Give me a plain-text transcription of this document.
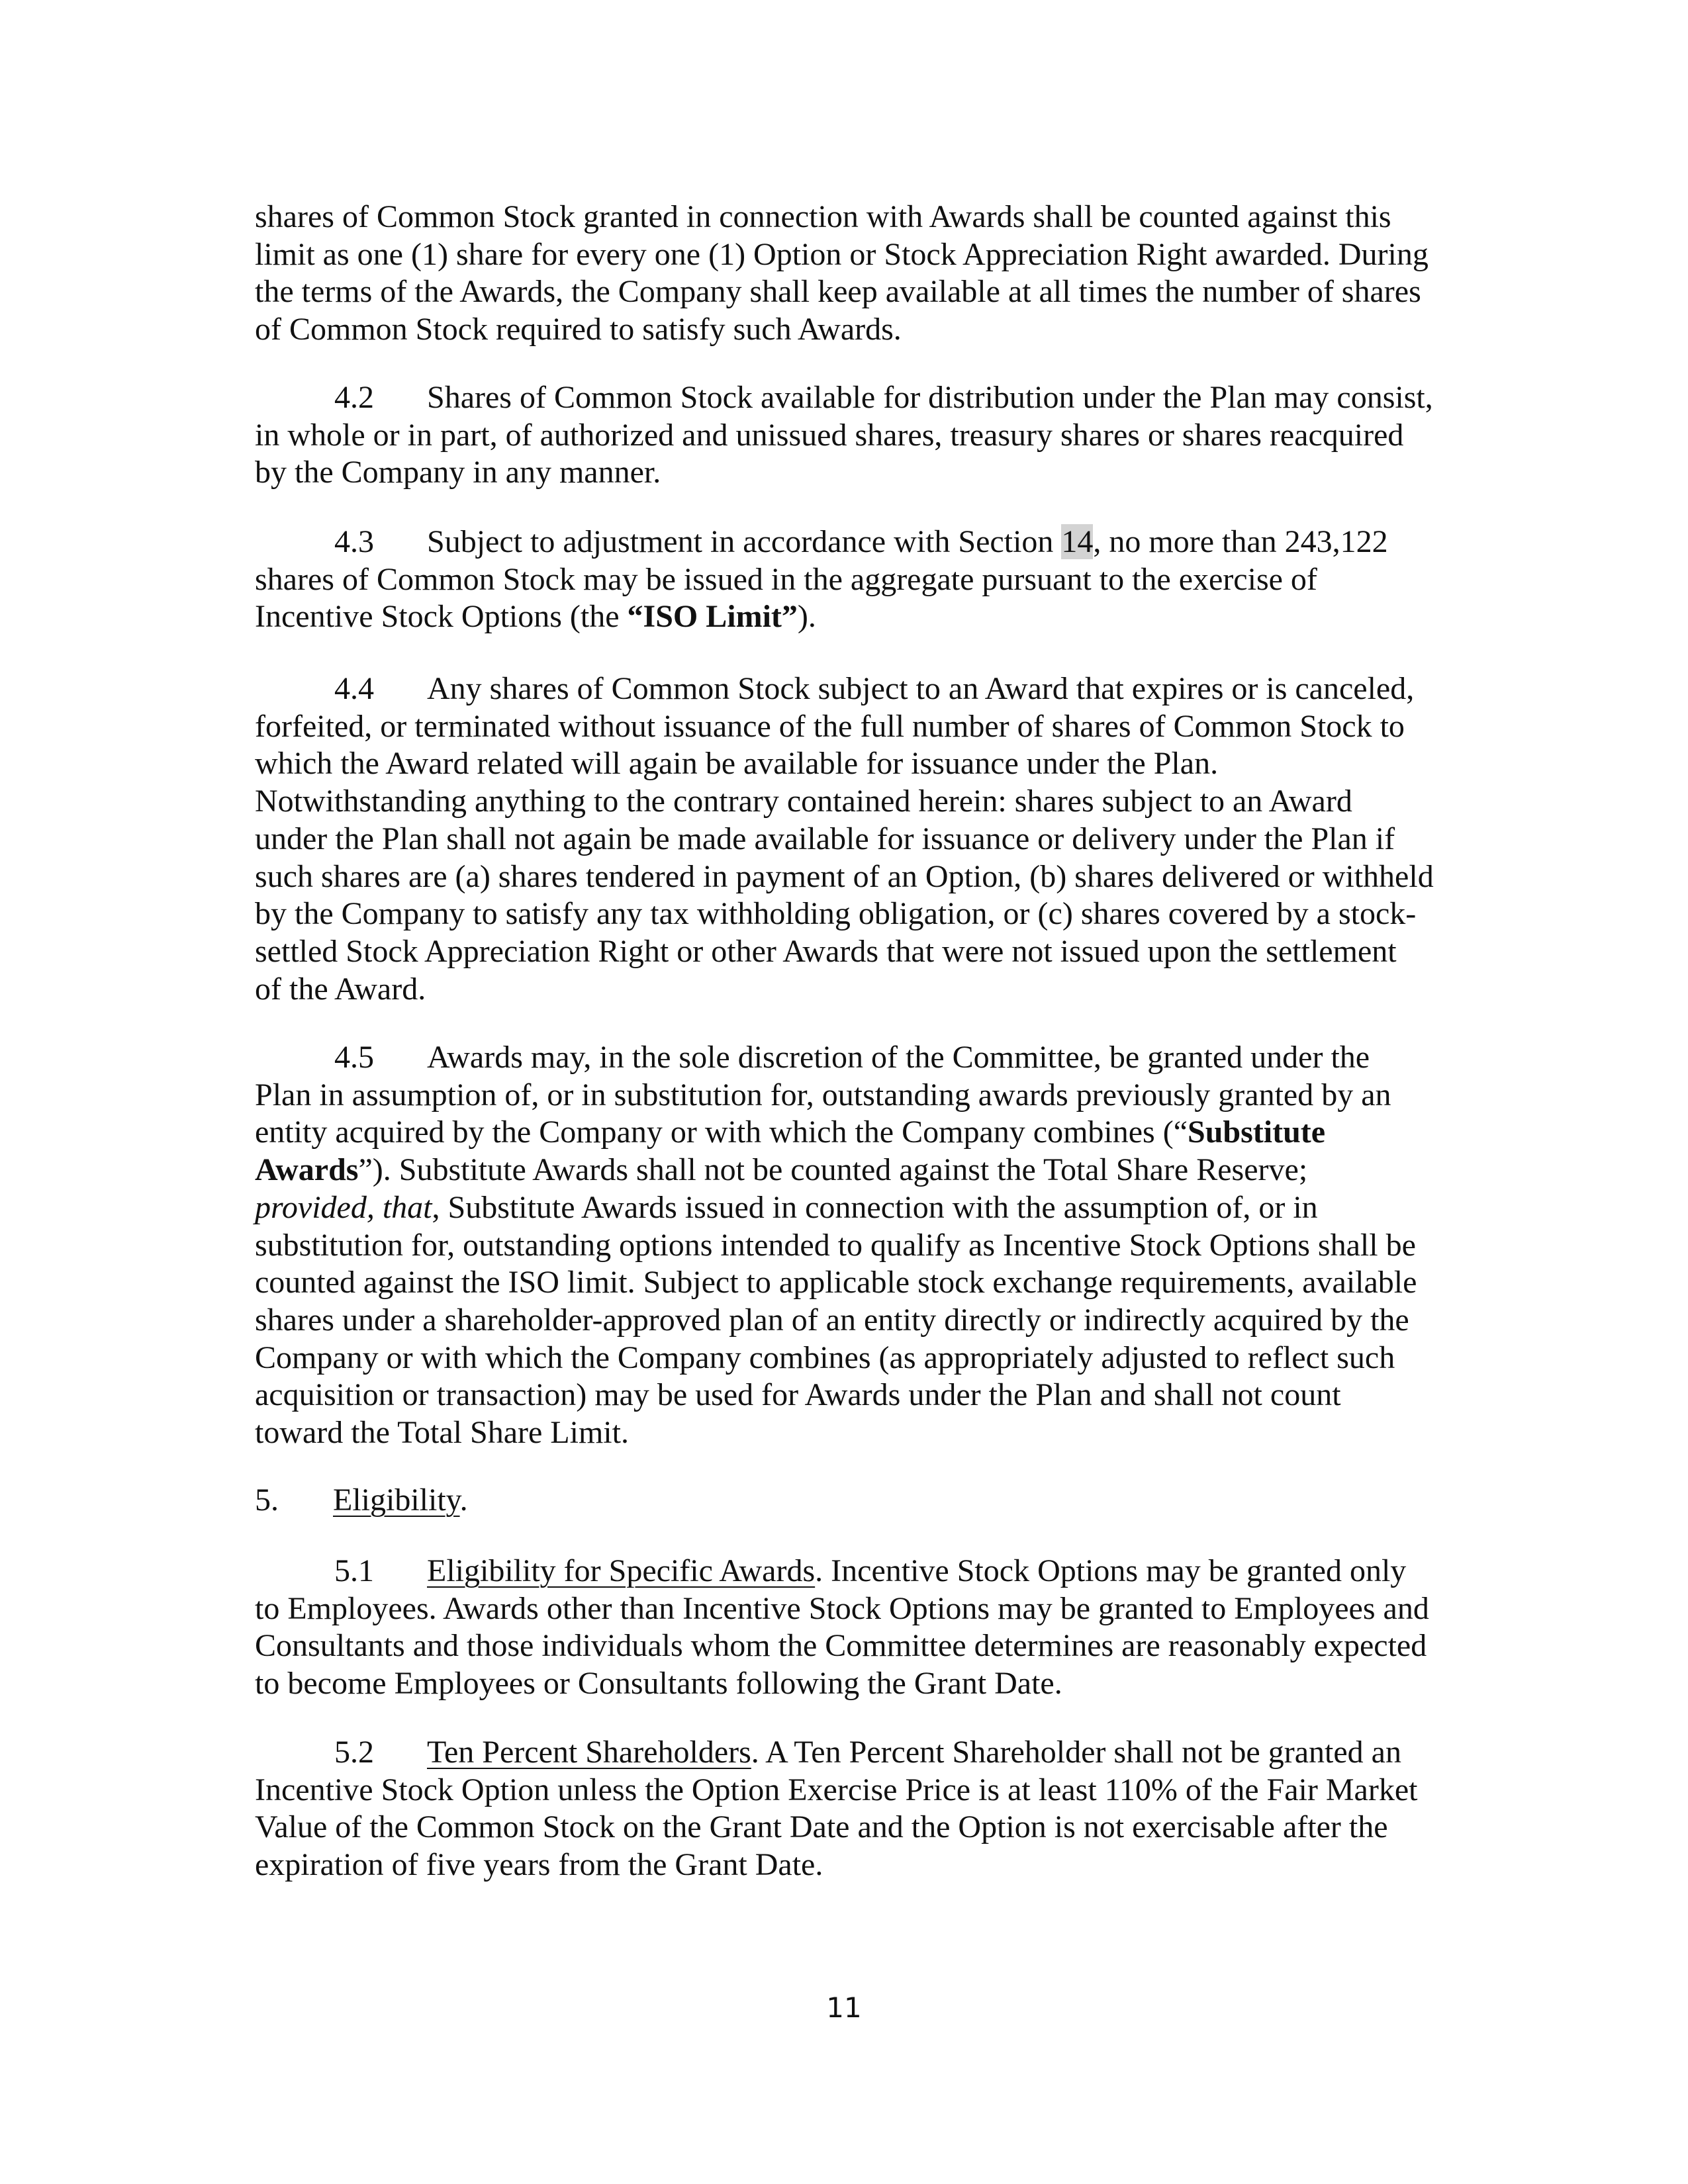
shares of Common Stock granted in connection with Awards shall be counted against this
limit as one (1) share for every one (1) Option or Stock Appreciation Right awarded. During
the terms of the Awards, the Company shall keep available at all times the number of shares
of Common Stock required to satisfy such Awards.

4.2 Shares of Common Stock available for distribution under the Plan may consist,
in whole or in part, of authorized and unissued shares, treasury shares or shares reacquired
by the Company in any manner.

4.3 Subject to adjustment in accordance with Section 14, no more than 243,122
shares of Common Stock may be issued in the aggregate pursuant to the exercise of
Incentive Stock Options (the “ISO Limit”).

4.4 Any shares of Common Stock subject to an Award that expires or is canceled,
forfeited, or terminated without issuance of the full number of shares of Common Stock to
which the Award related will again be available for issuance under the Plan.
Notwithstanding anything to the contrary contained herein: shares subject to an Award
under the Plan shall not again be made available for issuance or delivery under the Plan if
such shares are (a) shares tendered in payment of an Option, (b) shares delivered or withheld
by the Company to satisfy any tax withholding obligation, or (c) shares covered by a stock-
settled Stock Appreciation Right or other Awards that were not issued upon the settlement
of the Award.

4.5 Awards may, in the sole discretion of the Committee, be granted under the
Plan in assumption of, or in substitution for, outstanding awards previously granted by an
entity acquired by the Company or with which the Company combines (“Substitute
Awards”). Substitute Awards shall not be counted against the Total Share Reserve;
provided, that, Substitute Awards issued in connection with the assumption of, or in
substitution for, outstanding options intended to qualify as Incentive Stock Options shall be
counted against the ISO limit. Subject to applicable stock exchange requirements, available
shares under a shareholder-approved plan of an entity directly or indirectly acquired by the
Company or with which the Company combines (as appropriately adjusted to reflect such
acquisition or transaction) may be used for Awards under the Plan and shall not count
toward the Total Share Limit.

5. Eligibility.

5.1 Eligibility for Specific Awards. Incentive Stock Options may be granted only
to Employees. Awards other than Incentive Stock Options may be granted to Employees and
Consultants and those individuals whom the Committee determines are reasonably expected
to become Employees or Consultants following the Grant Date.

5.2 Ten Percent Shareholders. A Ten Percent Shareholder shall not be granted an
Incentive Stock Option unless the Option Exercise Price is at least 110% of the Fair Market
Value of the Common Stock on the Grant Date and the Option is not exercisable after the
expiration of five years from the Grant Date.

11
